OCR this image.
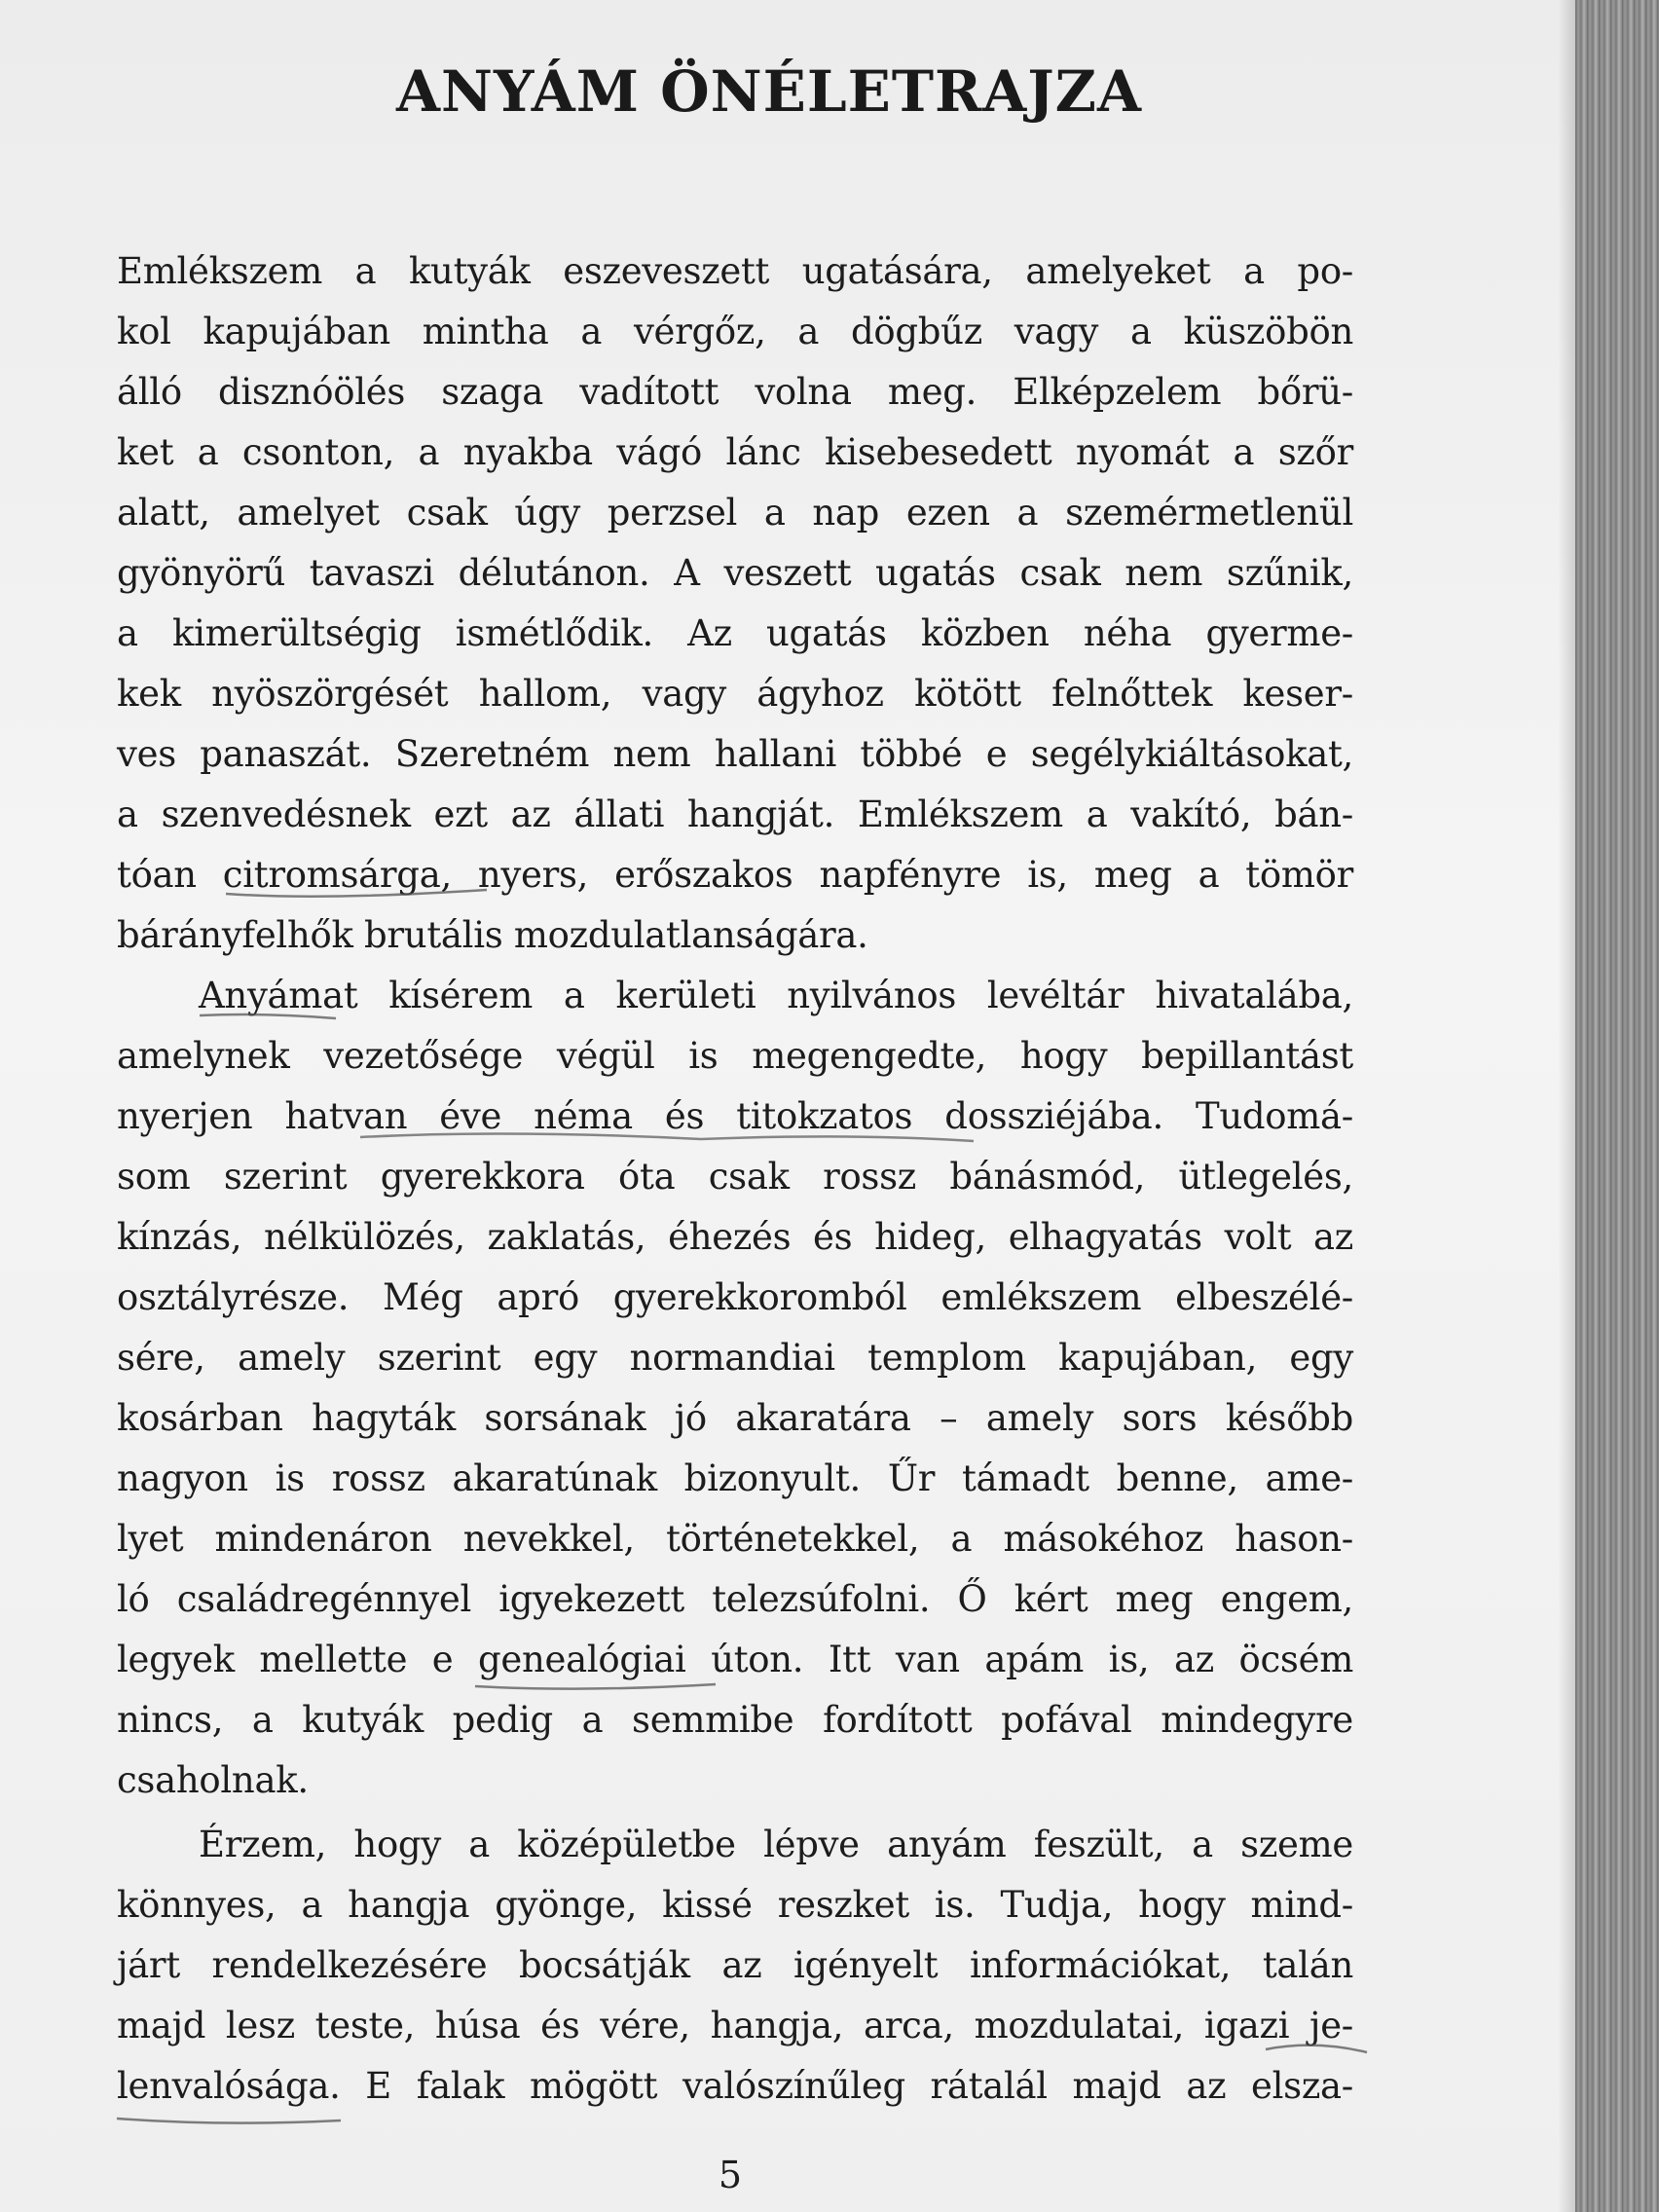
ANYÁM ÖNÉLETRAJZA
Emlékszem a kutyák eszeveszett ugatására, amelyeket a po-
kol kapujában mintha a vérgőz, a dögbűz vagy a küszöbön
álló disznóölés szaga vadított volna meg. Elképzelem bőrü-
ket a csonton, a nyakba vágó lánc kisebesedett nyomát a szőr
alatt, amelyet csak úgy perzsel a nap ezen a szemérmetlenül
gyönyörű tavaszi délutánon. A veszett ugatás csak nem szűnik,
a kimerültségig ismétlődik. Az ugatás közben néha gyerme-
kek nyöszörgését hallom, vagy ágyhoz kötött felnőttek keser-
ves panaszát. Szeretném nem hallani többé e segélykiáltásokat,
a szenvedésnek ezt az állati hangját. Emlékszem a vakító, bán-
tóan citromsárga, nyers, erőszakos napfényre is, meg a tömör
bárányfelhők brutális mozdulatlanságára.
Anyámat kísérem a kerületi nyilvános levéltár hivatalába,
amelynek vezetősége végül is megengedte, hogy bepillantást
nyerjen hatvan éve néma és titokzatos dossziéjába. Tudomá-
som szerint gyerekkora óta csak rossz bánásmód, ütlegelés,
kínzás, nélkülözés, zaklatás, éhezés és hideg, elhagyatás volt az
osztályrésze. Még apró gyerekkoromból emlékszem elbeszélé-
sére, amely szerint egy normandiai templom kapujában, egy
kosárban hagyták sorsának jó akaratára – amely sors később
nagyon is rossz akaratúnak bizonyult. Űr támadt benne, ame-
lyet mindenáron nevekkel, történetekkel, a másokéhoz hason-
ló családregénnyel igyekezett telezsúfolni. Ő kért meg engem,
legyek mellette e genealógiai úton. Itt van apám is, az öcsém
nincs, a kutyák pedig a semmibe fordított pofával mindegyre
csaholnak.
Érzem, hogy a középületbe lépve anyám feszült, a szeme
könnyes, a hangja gyönge, kissé reszket is. Tudja, hogy mind-
járt rendelkezésére bocsátják az igényelt információkat, talán
majd lesz teste, húsa és vére, hangja, arca, mozdulatai, igazi je-
lenvalósága. E falak mögött valószínűleg rátalál majd az elsza-
5
